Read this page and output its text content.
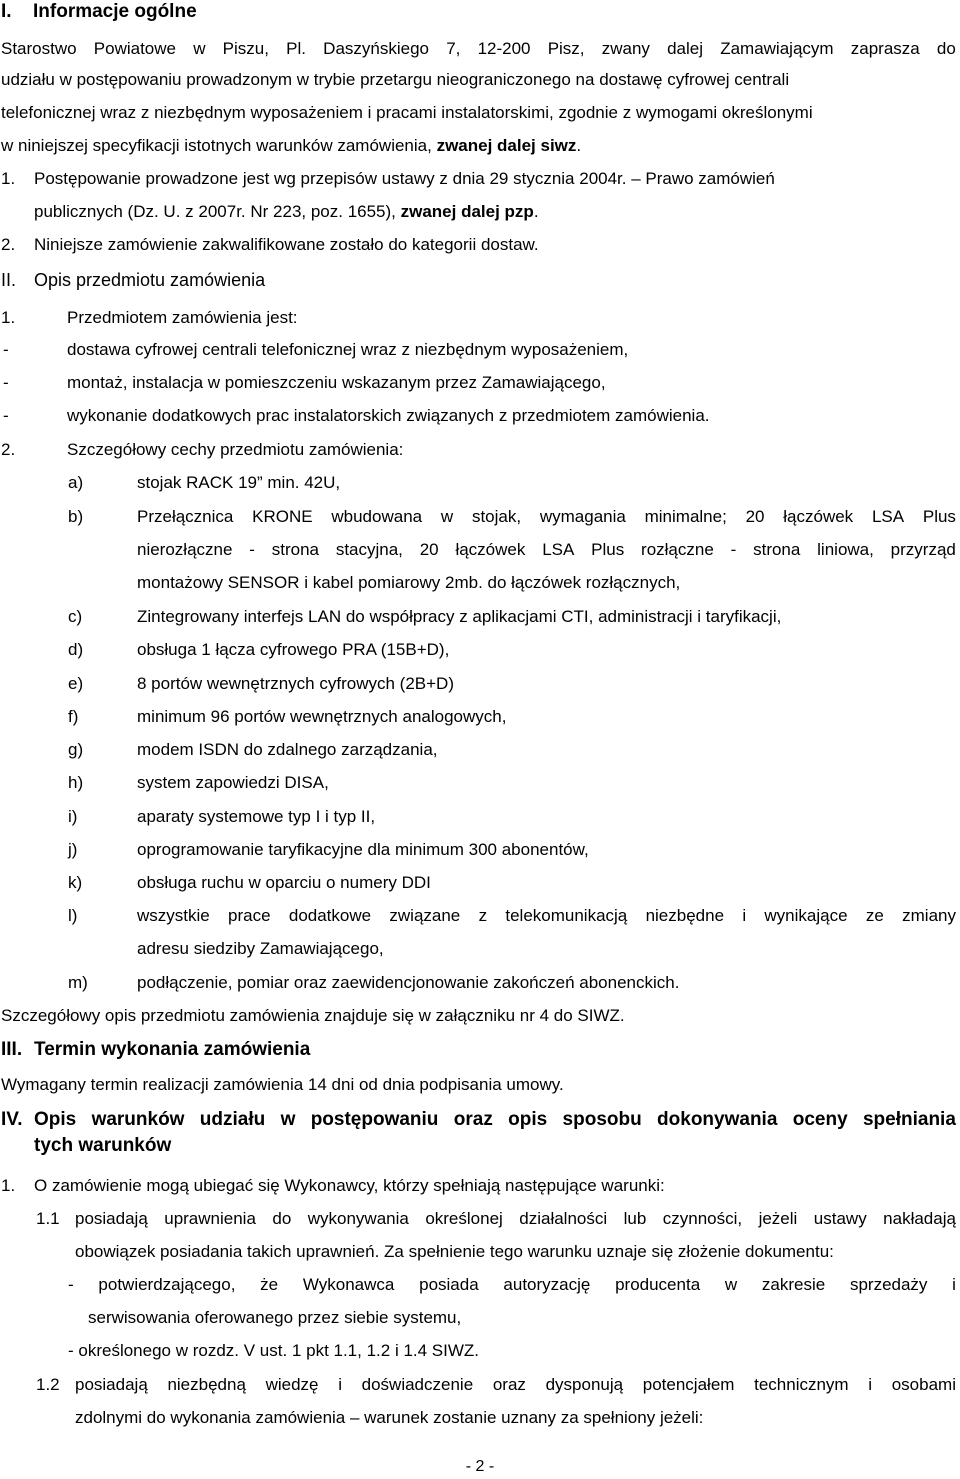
I. Informacje ogólne
Starostwo Powiatowe w Piszu, Pl. Daszyńskiego 7, 12-200 Pisz, zwany dalej Zamawiającym zaprasza do
udziału w postępowaniu prowadzonym w trybie przetargu nieograniczonego na dostawę cyfrowej centrali
telefonicznej wraz z niezbędnym wyposażeniem i pracami instalatorskimi, zgodnie z wymogami określonymi
w niniejszej specyfikacji istotnych warunków zamówienia, zwanej dalej siwz.
1. Postępowanie prowadzone jest wg przepisów ustawy z dnia 29 stycznia 2004r. – Prawo zamówień
publicznych (Dz. U. z 2007r. Nr 223, poz. 1655), zwanej dalej pzp.
2. Niniejsze zamówienie zakwalifikowane zostało do kategorii dostaw.
II. Opis przedmiotu zamówienia
1.	Przedmiotem zamówienia jest:
-	dostawa cyfrowej centrali telefonicznej wraz z niezbędnym wyposażeniem,
-	montaż, instalacja w pomieszczeniu wskazanym przez Zamawiającego,
-	wykonanie dodatkowych prac instalatorskich związanych z przedmiotem zamówienia.
2.	Szczegółowy cechy przedmiotu zamówienia:
a)	stojak RACK 19” min. 42U,
b)	Przełącznica KRONE wbudowana w stojak, wymagania minimalne; 20 łączówek LSA Plus
nierozłączne - strona stacyjna, 20 łączówek LSA Plus rozłączne - strona liniowa, przyrząd
montażowy SENSOR i kabel pomiarowy 2mb. do łączówek rozłącznych,
c)	Zintegrowany interfejs LAN do współpracy z aplikacjami CTI, administracji i taryfikacji,
d)	obsługa 1 łącza cyfrowego PRA (15B+D),
e)	8 portów wewnętrznych cyfrowych (2B+D)
f)	minimum 96 portów wewnętrznych analogowych,
g)	modem ISDN do zdalnego zarządzania,
h)	system zapowiedzi DISA,
i)	aparaty systemowe typ I i typ II,
j)	oprogramowanie taryfikacyjne dla minimum 300 abonentów,
k)	obsługa ruchu w oparciu o numery DDI
l)	wszystkie prace dodatkowe związane z telekomunikacją niezbędne i wynikające ze zmiany
adresu siedziby Zamawiającego,
m)	podłączenie, pomiar oraz zaewidencjonowanie zakończeń abonenckich.
Szczegółowy opis przedmiotu zamówienia znajduje się w załączniku nr 4 do SIWZ.
III. Termin wykonania zamówienia
Wymagany termin realizacji zamówienia 14 dni od dnia podpisania umowy.
IV. Opis warunków udziału w postępowaniu oraz opis sposobu dokonywania oceny spełniania
tych warunków
1. O zamówienie mogą ubiegać się Wykonawcy, którzy spełniają następujące warunki:
1.1 posiadają uprawnienia do wykonywania określonej działalności lub czynności, jeżeli ustawy nakładają
obowiązek posiadania takich uprawnień. Za spełnienie tego warunku uznaje się złożenie dokumentu:
- potwierdzającego, że Wykonawca posiada autoryzację producenta w zakresie sprzedaży i
serwisowania oferowanego przez siebie systemu,
- określonego w rozdz. V ust. 1 pkt 1.1, 1.2 i 1.4 SIWZ.
1.2 posiadają niezbędną wiedzę i doświadczenie oraz dysponują potencjałem technicznym i osobami
zdolnymi do wykonania zamówienia – warunek zostanie uznany za spełniony jeżeli:
- 2 -
